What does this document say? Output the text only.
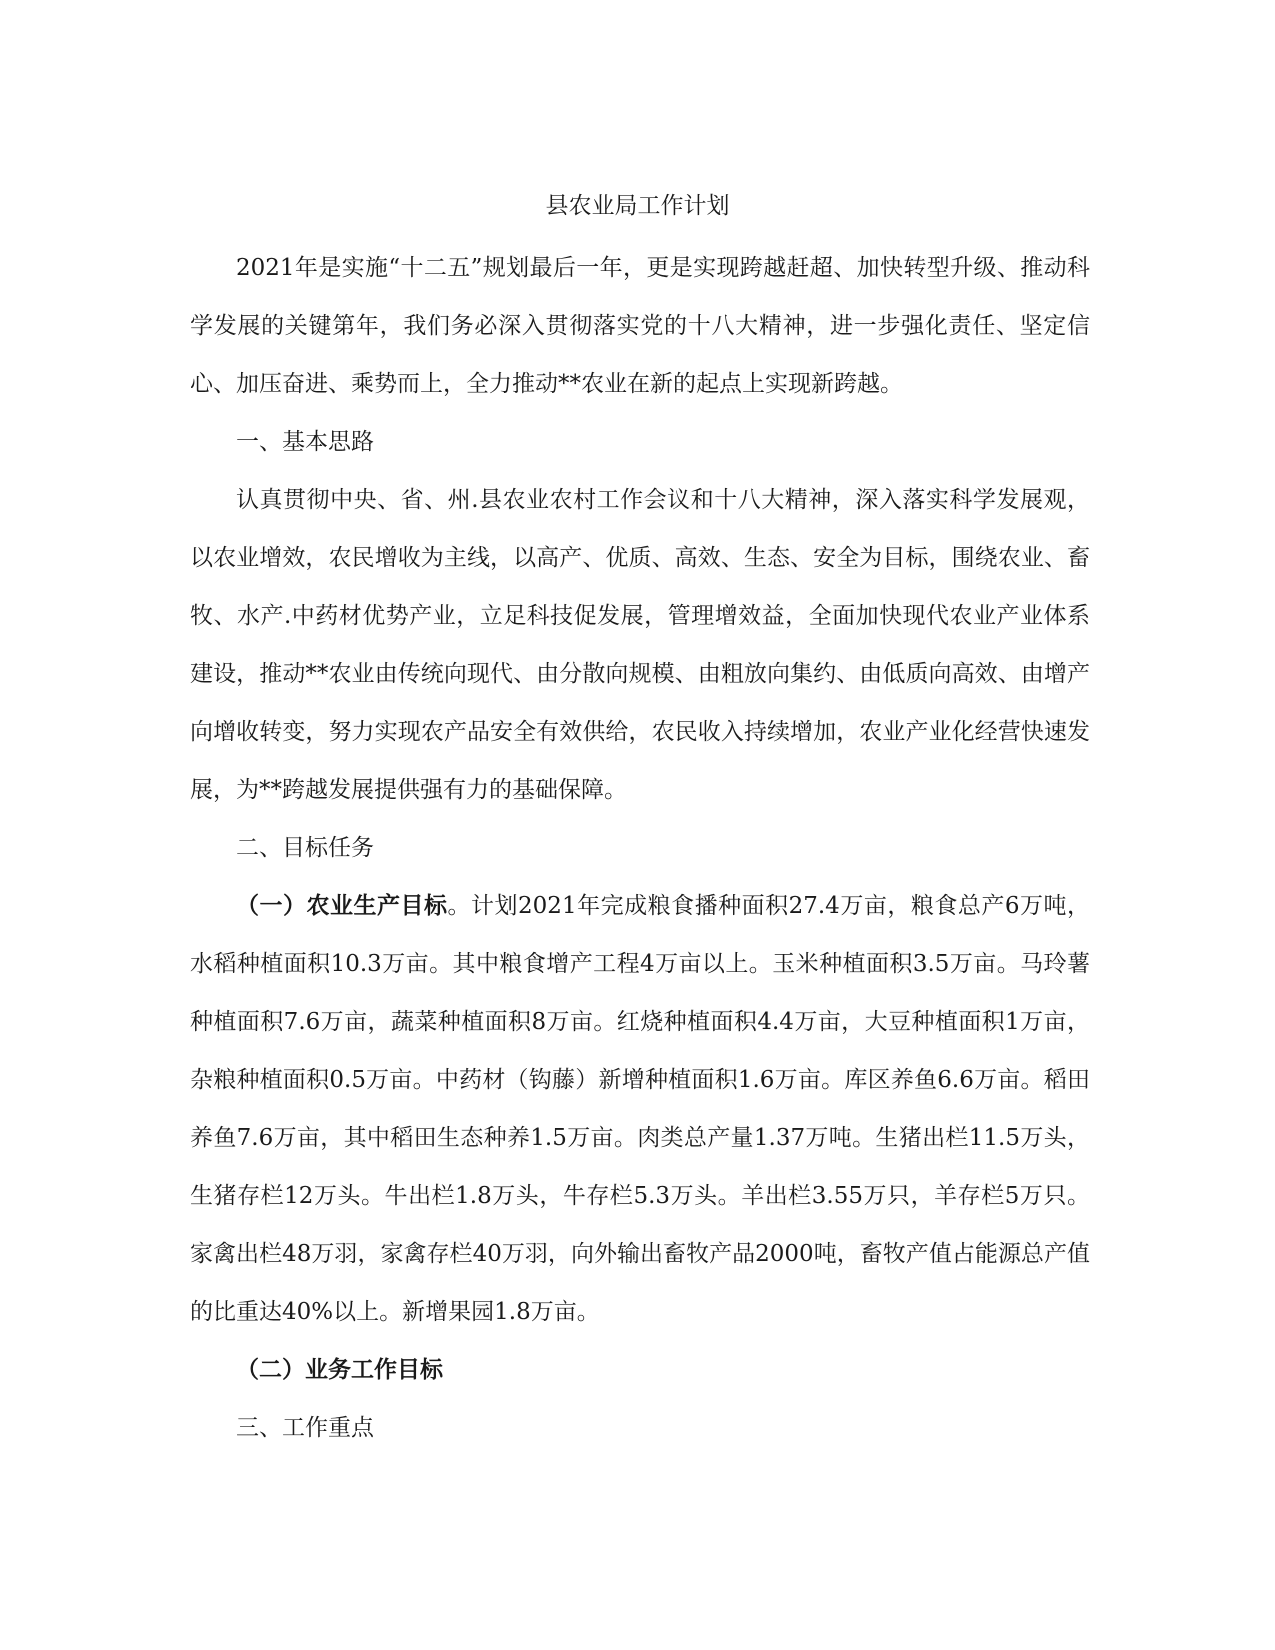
县农业局工作计划

2021年是实施“十二五”规划最后一年，更是实现跨越赶超、加快转型升级、推动科学发展的关键第年，我们务必深入贯彻落实党的十八大精神，进一步强化责任、坚定信心、加压奋进、乘势而上，全力推动**农业在新的起点上实现新跨越。

一、基本思路

认真贯彻中央、省、州.县农业农村工作会议和十八大精神，深入落实科学发展观，以农业增效，农民增收为主线，以高产、优质、高效、生态、安全为目标，围绕农业、畜牧、水产.中药材优势产业，立足科技促发展，管理增效益，全面加快现代农业产业体系建设，推动**农业由传统向现代、由分散向规模、由粗放向集约、由低质向高效、由增产向增收转变，努力实现农产品安全有效供给，农民收入持续增加，农业产业化经营快速发展，为**跨越发展提供强有力的基础保障。

二、目标任务

（一）农业生产目标。计划2021年完成粮食播种面积27.4万亩，粮食总产6万吨，水稻种植面积10.3万亩。其中粮食增产工程4万亩以上。玉米种植面积3.5万亩。马玲薯种植面积7.6万亩，蔬菜种植面积8万亩。红烧种植面积4.4万亩，大豆种植面积1万亩，杂粮种植面积0.5万亩。中药材（钩藤）新增种植面积1.6万亩。库区养鱼6.6万亩。稻田养鱼7.6万亩，其中稻田生态种养1.5万亩。肉类总产量1.37万吨。生猪出栏11.5万头，生猪存栏12万头。牛出栏1.8万头，牛存栏5.3万头。羊出栏3.55万只，羊存栏5万只。家禽出栏48万羽，家禽存栏40万羽，向外输出畜牧产品2000吨，畜牧产值占能源总产值的比重达40%以上。新增果园1.8万亩。

（二）业务工作目标

三、工作重点
